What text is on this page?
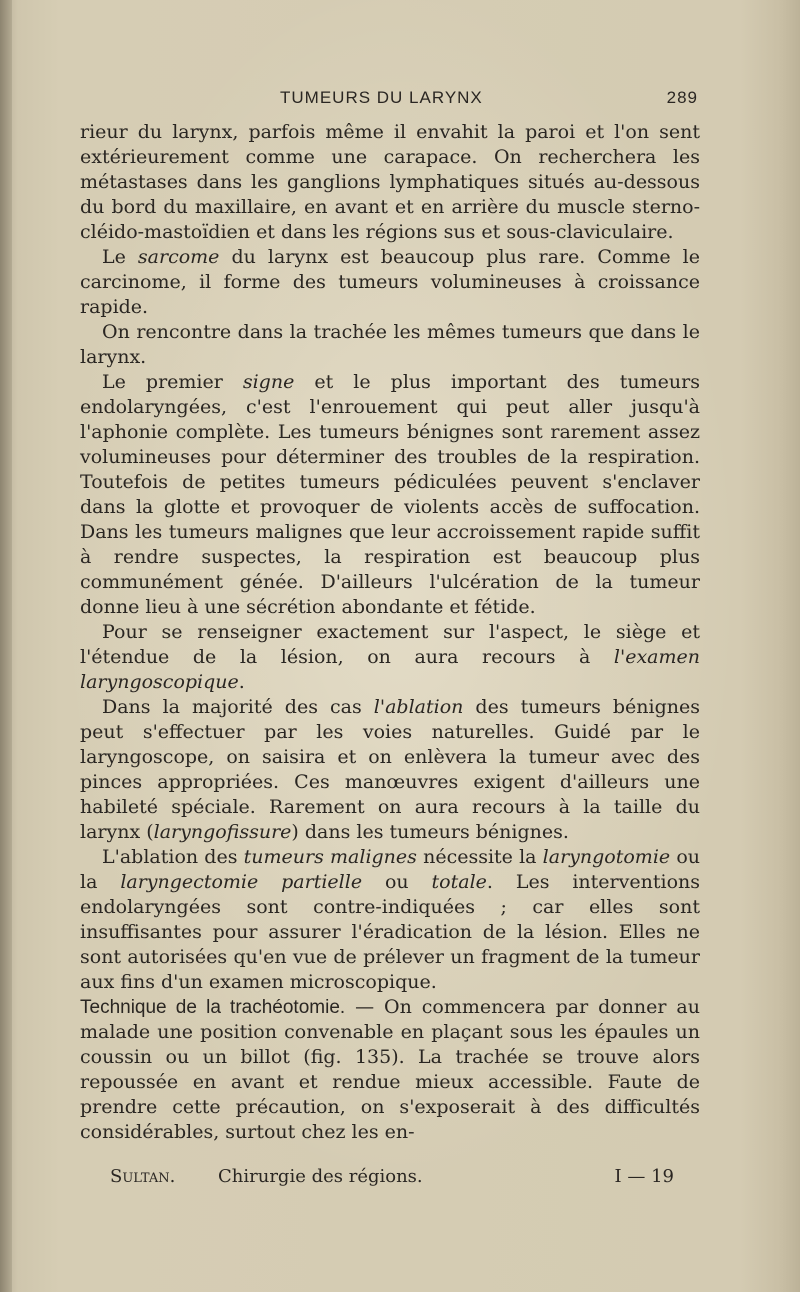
TUMEURS DU LARYNX	289

rieur du larynx, parfois même il envahit la paroi et l'on sent extérieurement comme une carapace. On recherchera les métastases dans les ganglions lymphatiques situés au-dessous du bord du maxillaire, en avant et en arrière du muscle sterno-cléido-mastoïdien et dans les régions sus et sous-claviculaire.

Le sarcome du larynx est beaucoup plus rare. Comme le carcinome, il forme des tumeurs volumineuses à croissance rapide.

On rencontre dans la trachée les mêmes tumeurs que dans le larynx.

Le premier signe et le plus important des tumeurs endolaryngées, c'est l'enrouement qui peut aller jusqu'à l'aphonie complète. Les tumeurs bénignes sont rarement assez volumineuses pour déterminer des troubles de la respiration. Toutefois de petites tumeurs pédiculées peuvent s'enclaver dans la glotte et provoquer de violents accès de suffocation. Dans les tumeurs malignes que leur accroissement rapide suffit à rendre suspectes, la respiration est beaucoup plus communément génée. D'ailleurs l'ulcération de la tumeur donne lieu à une sécrétion abondante et fétide.

Pour se renseigner exactement sur l'aspect, le siège et l'étendue de la lésion, on aura recours à l'examen laryngoscopique.

Dans la majorité des cas l'ablation des tumeurs bénignes peut s'effectuer par les voies naturelles. Guidé par le laryngoscope, on saisira et on enlèvera la tumeur avec des pinces appropriées. Ces manœuvres exigent d'ailleurs une habileté spéciale. Rarement on aura recours à la taille du larynx (laryngofissure) dans les tumeurs bénignes.

L'ablation des tumeurs malignes nécessite la laryngotomie ou la laryngectomie partielle ou totale. Les interventions endolaryngées sont contre-indiquées ; car elles sont insuffisantes pour assurer l'éradication de la lésion. Elles ne sont autorisées qu'en vue de prélever un fragment de la tumeur aux fins d'un examen microscopique.

Technique de la trachéotomie. — On commencera par donner au malade une position convenable en plaçant sous les épaules un coussin ou un billot (fig. 135). La trachée se trouve alors repoussée en avant et rendue mieux accessible. Faute de prendre cette précaution, on s'exposerait à des difficultés considérables, surtout chez les en-

Sultan. Chirurgie des régions.	I — 19
